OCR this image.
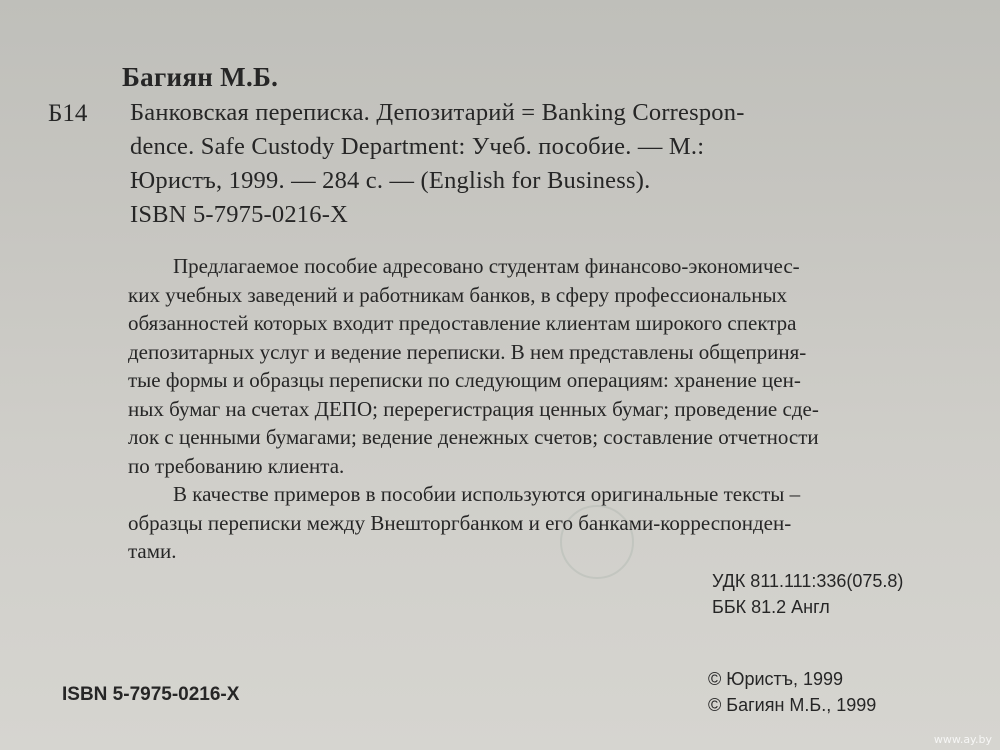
Багиян М.Б.
Б14 Банковская переписка. Депозитарий = Banking Correspon-
dence. Safe Custody Department: Учеб. пособие. — М.:
Юристъ, 1999. — 284 с. — (English for Business).
ISBN 5-7975-0216-X
Предлагаемое пособие адресовано студентам финансово-экономичес-
ких учебных заведений и работникам банков, в сферу профессиональных
обязанностей которых входит предоставление клиентам широкого спектра
депозитарных услуг и ведение переписки. В нем представлены общеприня-
тые формы и образцы переписки по следующим операциям: хранение цен-
ных бумаг на счетах ДЕПО; перерегистрация ценных бумаг; проведение сде-
лок с ценными бумагами; ведение денежных счетов; составление отчетности
по требованию клиента.
В качестве примеров в пособии используются оригинальные тексты –
образцы переписки между Внешторгбанком и его банками-корреспонден-
тами.
УДК 811.111:336(075.8)
ББК 81.2 Англ
ISBN 5-7975-0216-X
© Юристъ, 1999
© Багиян М.Б., 1999
www.ay.by
